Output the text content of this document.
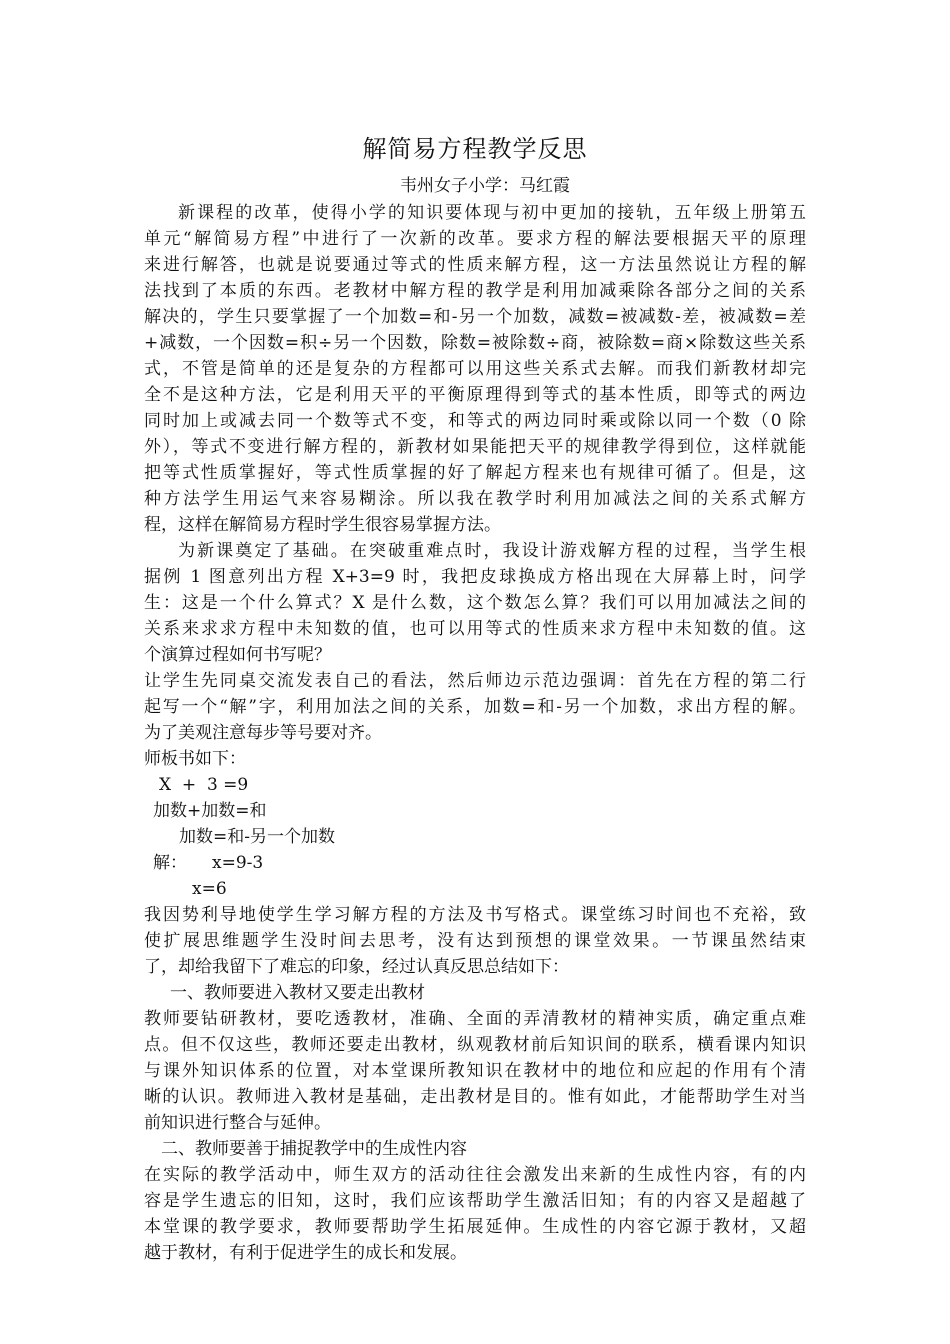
解简易方程教学反思
韦州女子小学：马红霞
新课程的改革，使得小学的知识要体现与初中更加的接轨，五年级上册第五
单元“解简易方程”中进行了一次新的改革。要求方程的解法要根据天平的原理
来进行解答，也就是说要通过等式的性质来解方程，这一方法虽然说让方程的解
法找到了本质的东西。老教材中解方程的教学是利用加减乘除各部分之间的关系
解决的，学生只要掌握了一个加数=和-另一个加数，减数=被减数-差，被减数=差
+减数，一个因数=积÷另一个因数，除数=被除数÷商，被除数=商×除数这些关系
式，不管是简单的还是复杂的方程都可以用这些关系式去解。而我们新教材却完
全不是这种方法，它是利用天平的平衡原理得到等式的基本性质，即等式的两边
同时加上或减去同一个数等式不变，和等式的两边同时乘或除以同一个数（0 除
外），等式不变进行解方程的，新教材如果能把天平的规律教学得到位，这样就能
把等式性质掌握好，等式性质掌握的好了解起方程来也有规律可循了。但是，这
种方法学生用运气来容易糊涂。所以我在教学时利用加减法之间的关系式解方
程，这样在解简易方程时学生很容易掌握方法。
为新课奠定了基础。在突破重难点时，我设计游戏解方程的过程，当学生根
据例 1 图意列出方程 X+3=9 时，我把皮球换成方格出现在大屏幕上时，问学
生：这是一个什么算式？X 是什么数，这个数怎么算？我们可以用加减法之间的
关系来求求方程中未知数的值，也可以用等式的性质来求方程中未知数的值。这
个演算过程如何书写呢？
让学生先同桌交流发表自己的看法，然后师边示范边强调：首先在方程的第二行
起写一个“解”字，利用加法之间的关系，加数=和-另一个加数，求出方程的解。
为了美观注意每步等号要对齐。
师板书如下：
X  +  3 =9
加数+加数=和
加数=和-另一个加数
解： x=9-3
x=6
我因势利导地使学生学习解方程的方法及书写格式。课堂练习时间也不充裕，致
使扩展思维题学生没时间去思考，没有达到预想的课堂效果。一节课虽然结束
了，却给我留下了难忘的印象，经过认真反思总结如下：
一、教师要进入教材又要走出教材
教师要钻研教材，要吃透教材，准确、全面的弄清教材的精神实质，确定重点难
点。但不仅这些，教师还要走出教材，纵观教材前后知识间的联系，横看课内知识
与课外知识体系的位置，对本堂课所教知识在教材中的地位和应起的作用有个清
晰的认识。教师进入教材是基础，走出教材是目的。惟有如此，才能帮助学生对当
前知识进行整合与延伸。
二、教师要善于捕捉教学中的生成性内容
在实际的教学活动中，师生双方的活动往往会激发出来新的生成性内容，有的内
容是学生遗忘的旧知，这时，我们应该帮助学生激活旧知；有的内容又是超越了
本堂课的教学要求，教师要帮助学生拓展延伸。生成性的内容它源于教材，又超
越于教材，有利于促进学生的成长和发展。
